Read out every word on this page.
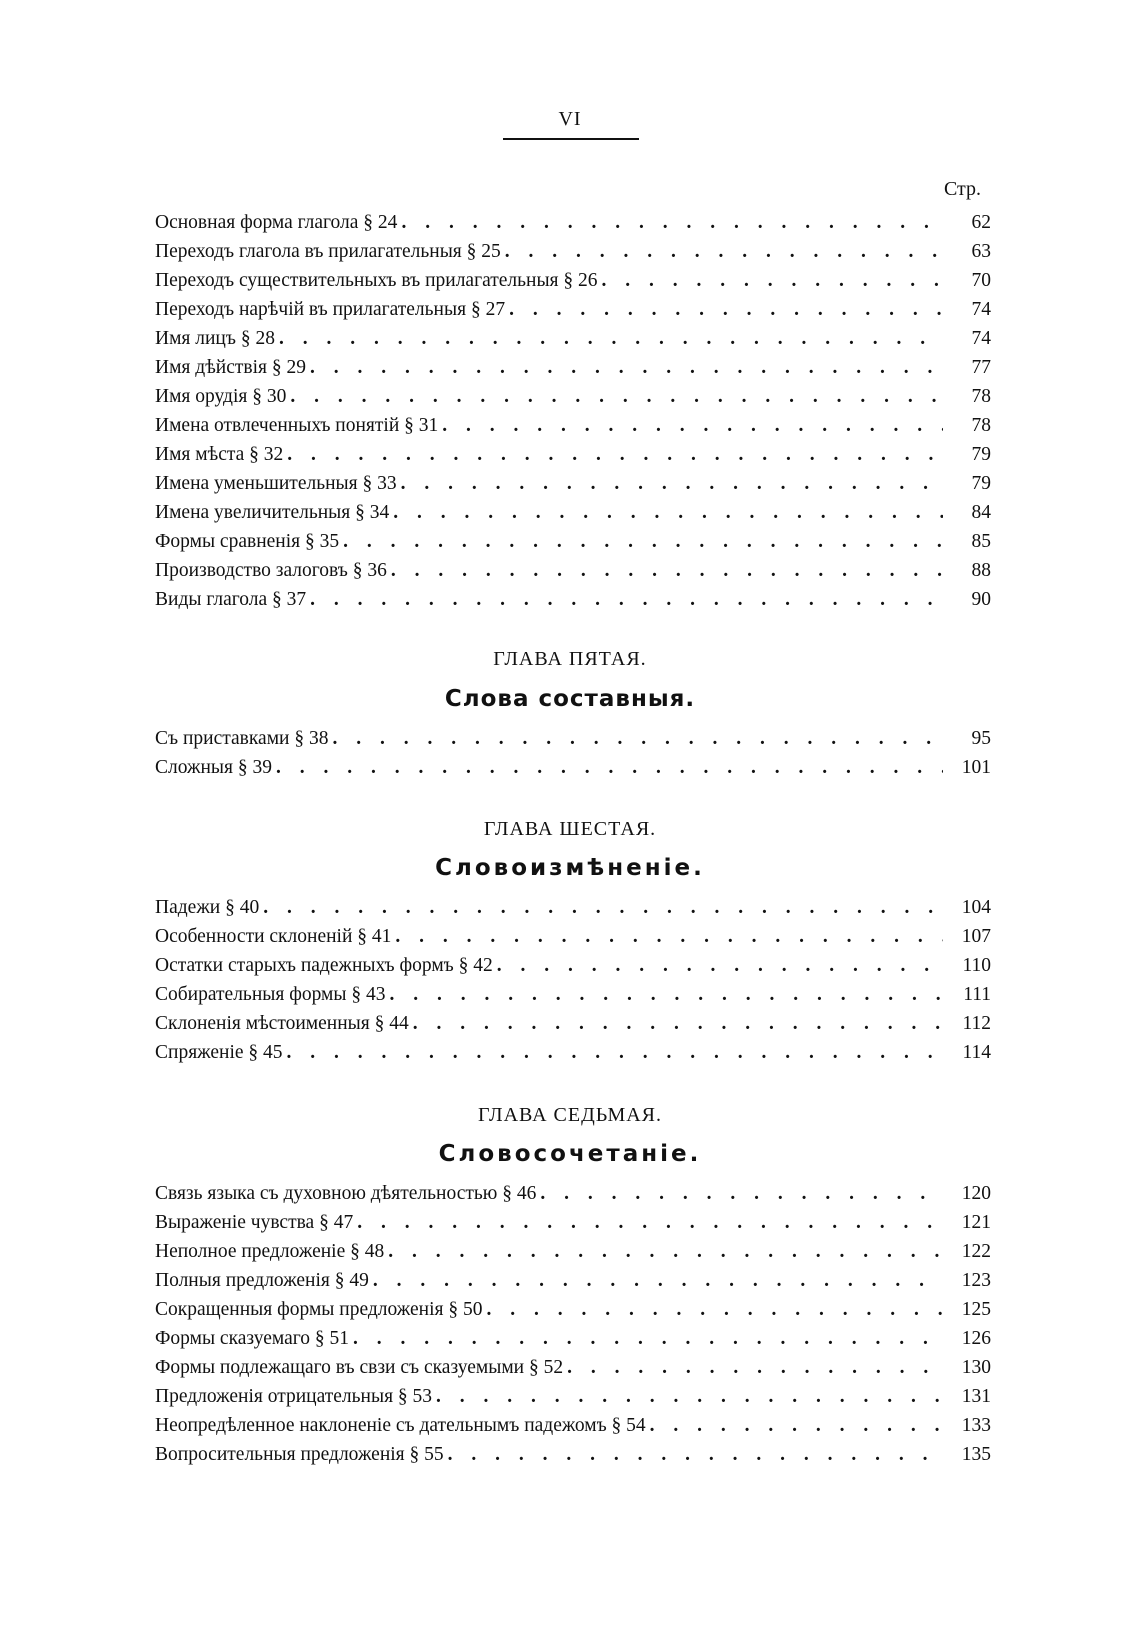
VI
Стр.
Основная форма глагола § 24 . . .	62
Переходъ глагола въ прилагательныя § 25 . . .	63
Переходъ существительныхъ въ прилагательныя § 26 . . .	70
Переходъ нарѣчій въ прилагательныя § 27 . . .	74
Имя лицъ § 28 . . .	74
Имя дѣйствія § 29 . . .	77
Имя орудія § 30 . . .	78
Имена отвлеченныхъ понятій § 31 . . .	78
Имя мѣста § 32 . . .	79
Имена уменьшительныя § 33 . . .	79
Имена увеличительныя § 34 . . .	84
Формы сравненія § 35 . . .	85
Производство залоговъ § 36 . . .	88
Виды глагола § 37 . . .	90
ГЛАВА ПЯТАЯ.
Слова составныя.
Съ приставками § 38 . . .	95
Сложныя § 39 . . .	101
ГЛАВА ШЕСТАЯ.
Словоизмѣненіе.
Падежи § 40 . . .	104
Особенности склоненій § 41 . . .	107
Остатки старыхъ падежныхъ формъ § 42 . . .	110
Собирательныя формы § 43 . . .	111
Склоненія мѣстоименныя § 44 . . .	112
Спряженіе § 45 . . .	114
ГЛАВА СЕДЬМАЯ.
Словосочетаніе.
Связь языка съ духовною дѣятельностью § 46 . . .	120
Выраженіе чувства § 47 . . .	121
Неполное предложеніе § 48 . . .	122
Полныя предложенія § 49 . . .	123
Сокращенныя формы предложенія § 50 . . .	125
Формы сказуемаго § 51 . . .	126
Формы подлежащаго въ свзи съ сказуемыми § 52 . . .	130
Предложенія отрицательныя § 53 . . .	131
Неопредѣленное наклоненіе съ дательнымъ падежомъ § 54 . . .	133
Вопросительныя предложенія § 55 . . .	135
